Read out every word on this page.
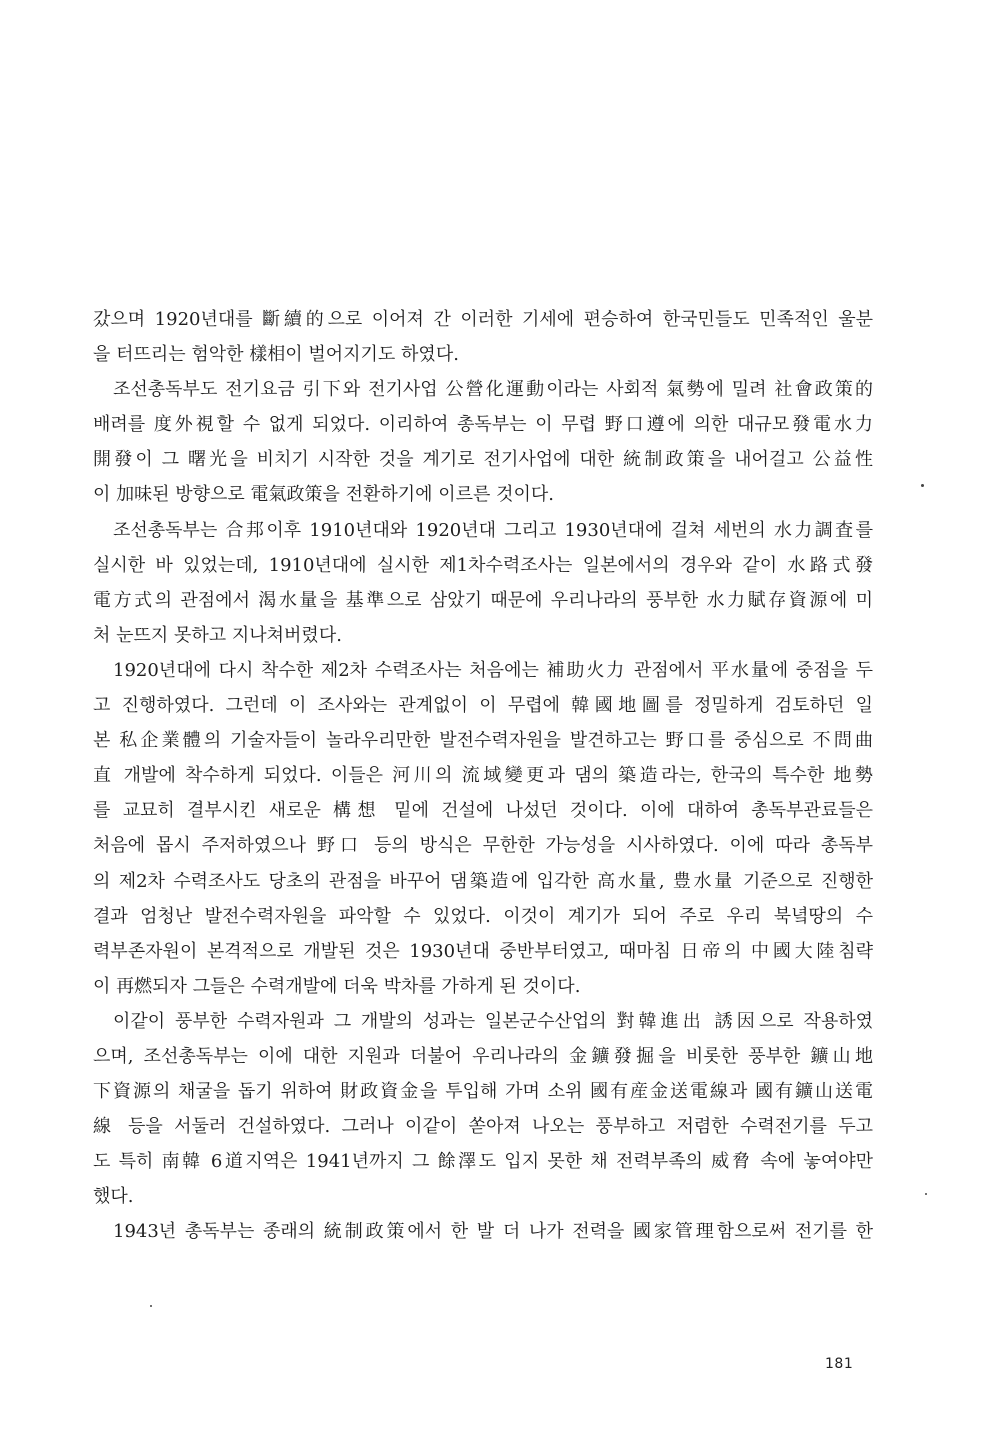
갔으며 1920년대를 斷續的으로 이어져 간 이러한 기세에 편승하여 한국민들도 민족적인 울분
을 터뜨리는 험악한 樣相이 벌어지기도 하였다.
조선총독부도 전기요금 引下와 전기사업 公營化運動이라는 사회적 氣勢에 밀려 社會政策的
배려를 度外視할 수 없게 되었다. 이리하여 총독부는 이 무렵 野口遵에 의한 대규모發電水力
開發이 그 曙光을 비치기 시작한 것을 계기로 전기사업에 대한 統制政策을 내어걸고 公益性
이 加味된 방향으로 電氣政策을 전환하기에 이르른 것이다.
조선총독부는 合邦이후 1910년대와 1920년대 그리고 1930년대에 걸쳐 세번의 水力調査를
실시한 바 있었는데, 1910년대에 실시한 제1차수력조사는 일본에서의 경우와 같이 水路式發
電方式의 관점에서 渴水量을 基準으로 삼았기 때문에 우리나라의 풍부한 水力賦存資源에 미
처 눈뜨지 못하고 지나쳐버렸다.
1920년대에 다시 착수한 제2차 수력조사는 처음에는 補助火力 관점에서 平水量에 중점을 두
고 진행하였다. 그런데 이 조사와는 관계없이 이 무렵에 韓國地圖를 정밀하게 검토하던 일
본 私企業體의 기술자들이 놀라우리만한 발전수력자원을 발견하고는 野口를 중심으로 不問曲
直 개발에 착수하게 되었다. 이들은 河川의 流域變更과 댐의 築造라는, 한국의 특수한 地勢
를 교묘히 결부시킨 새로운 構想 밑에 건설에 나섰던 것이다. 이에 대하여 총독부관료들은
처음에 몹시 주저하였으나 野口 등의 방식은 무한한 가능성을 시사하였다. 이에 따라 총독부
의 제2차 수력조사도 당초의 관점을 바꾸어 댐築造에 입각한 高水量, 豊水量 기준으로 진행한
결과 엄청난 발전수력자원을 파악할 수 있었다. 이것이 계기가 되어 주로 우리 북녘땅의 수
력부존자원이 본격적으로 개발된 것은 1930년대 중반부터였고, 때마침 日帝의 中國大陸침략
이 再燃되자 그들은 수력개발에 더욱 박차를 가하게 된 것이다.
이같이 풍부한 수력자원과 그 개발의 성과는 일본군수산업의 對韓進出 誘因으로 작용하였
으며, 조선총독부는 이에 대한 지원과 더불어 우리나라의 金鑛發掘을 비롯한 풍부한 鑛山地
下資源의 채굴을 돕기 위하여 財政資金을 투입해 가며 소위 國有産金送電線과 國有鑛山送電
線 등을 서둘러 건설하였다. 그러나 이같이 쏟아져 나오는 풍부하고 저렴한 수력전기를 두고
도 특히 南韓 6道지역은 1941년까지 그 餘澤도 입지 못한 채 전력부족의 威脅 속에 놓여야만
했다.
1943년 총독부는 종래의 統制政策에서 한 발 더 나가 전력을 國家管理함으로써 전기를 한
181
